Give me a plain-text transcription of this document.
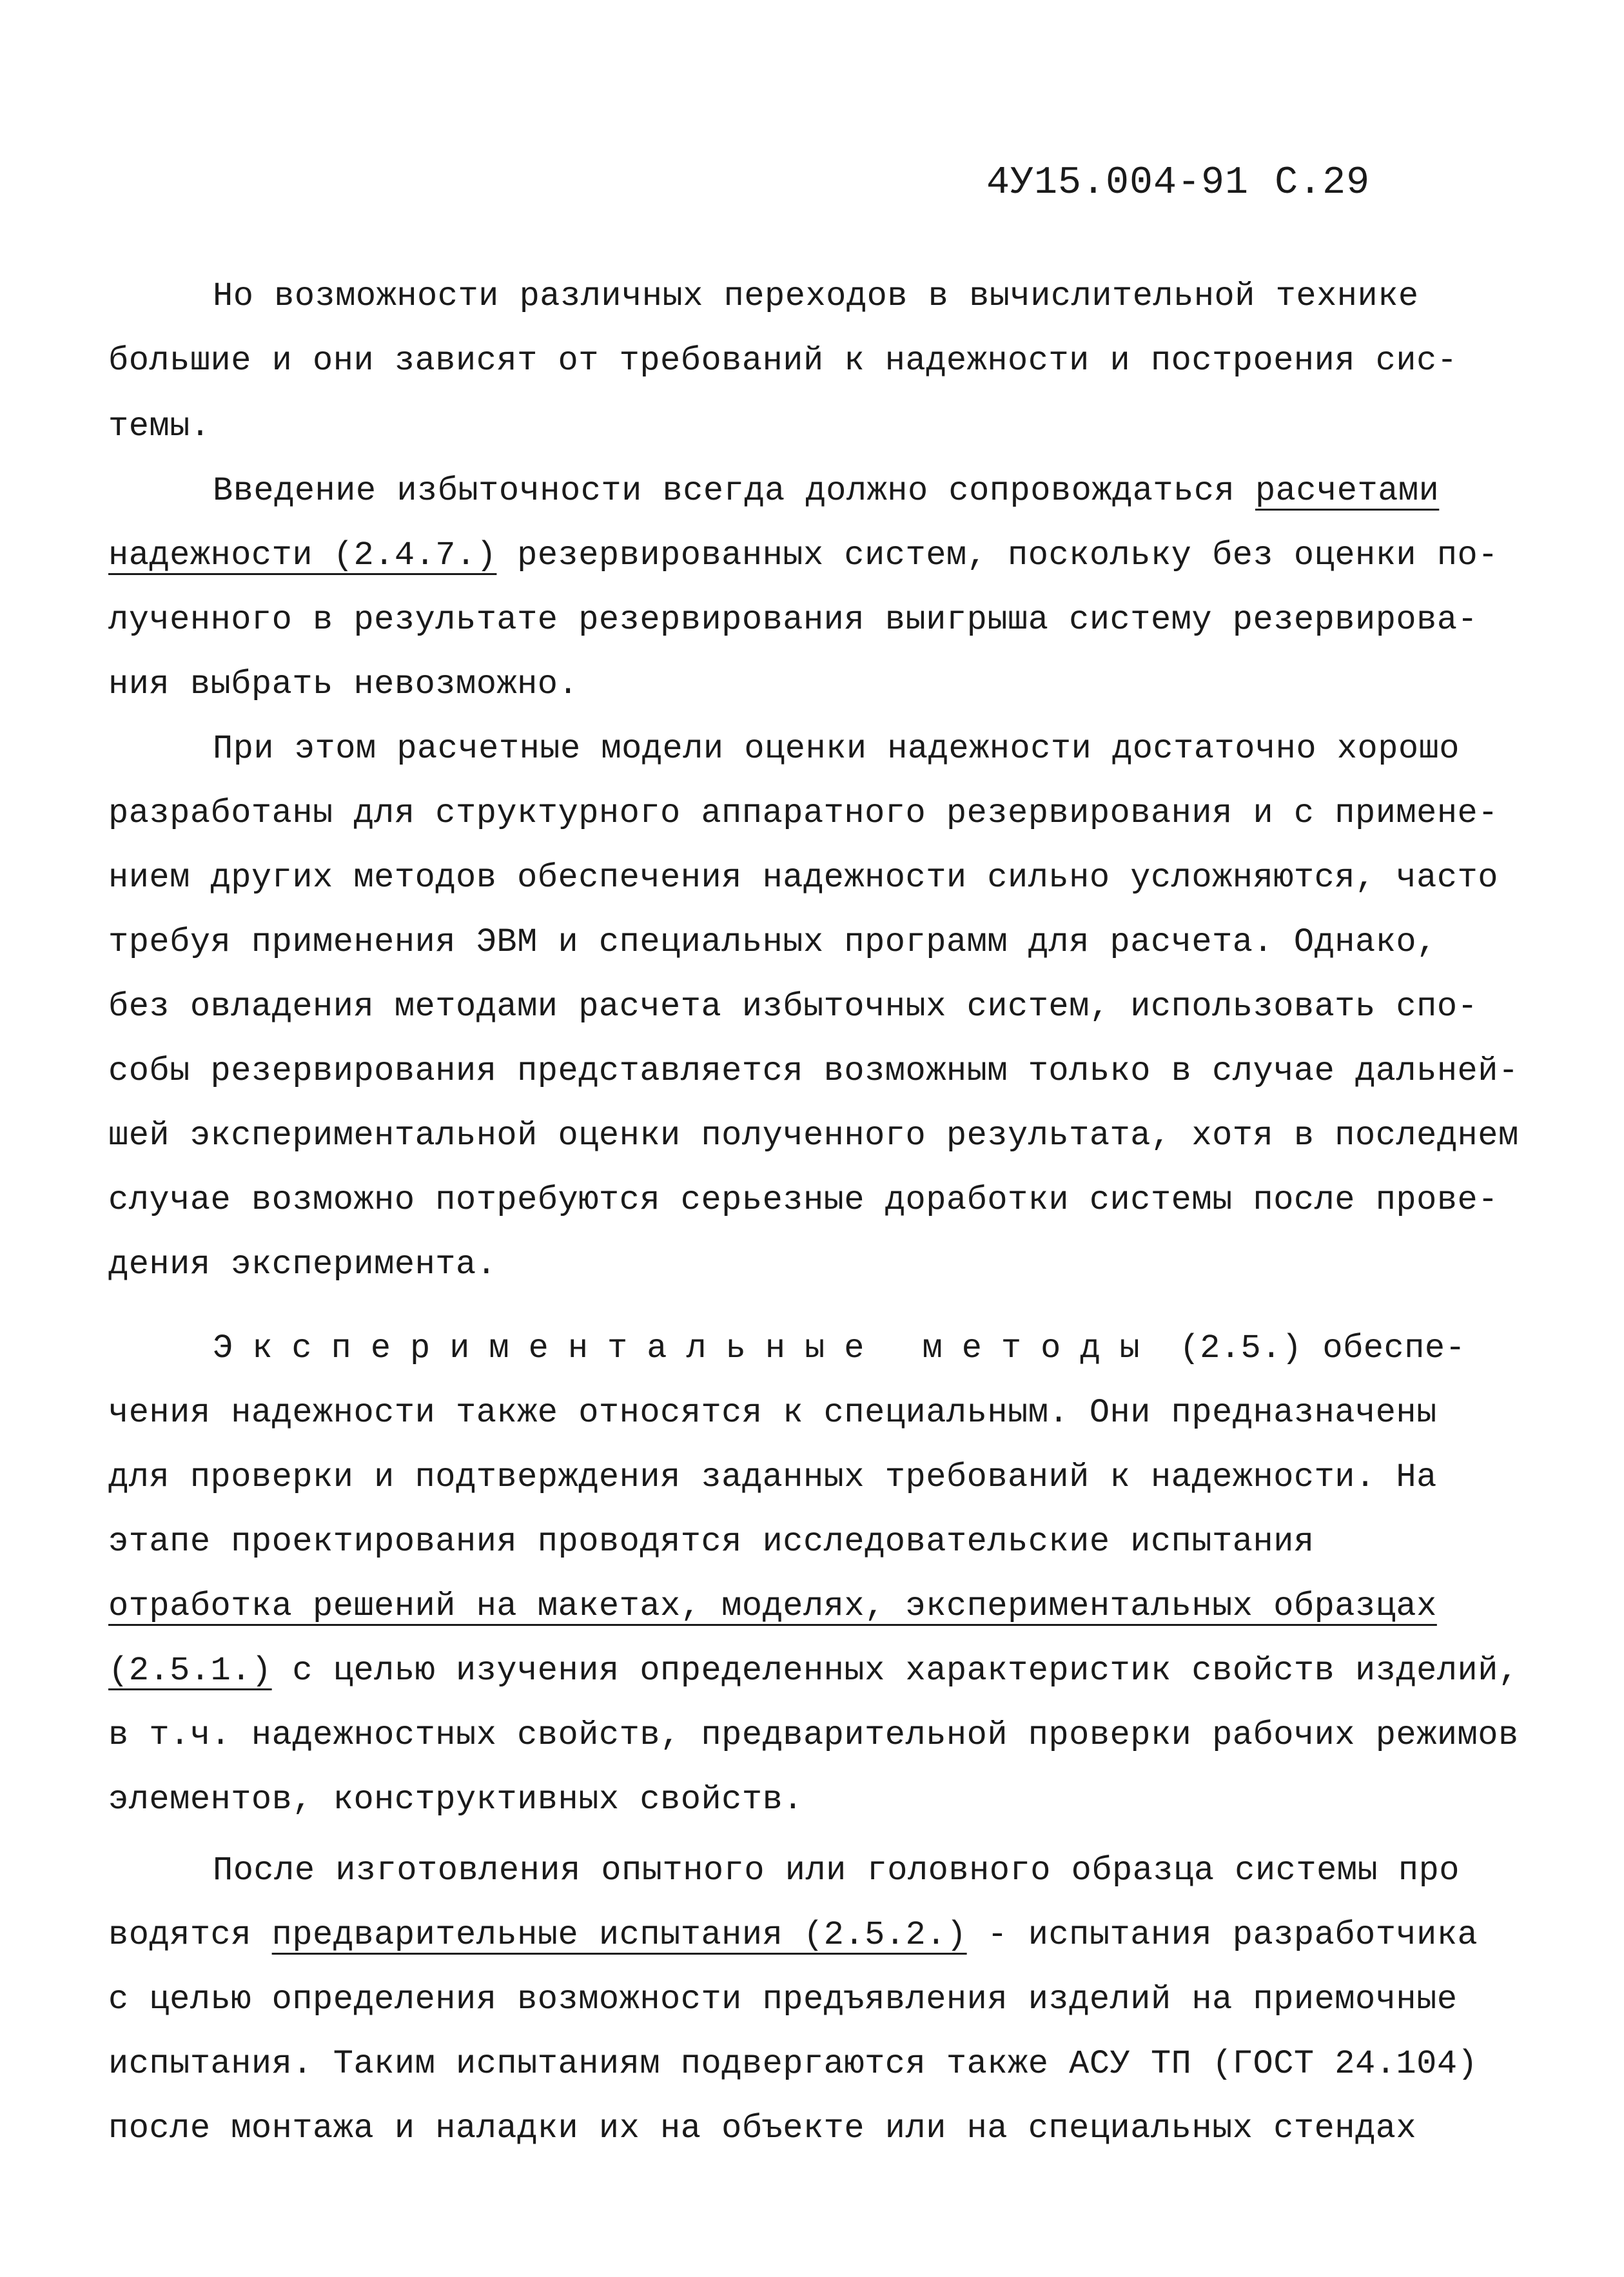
4У15.004-91 С.29
Но возможности различных переходов в вычислительной технике
большие и они зависят от требований к надежности и построения сис-
темы.
Введение избыточности всегда должно сопровождаться расчетами
надежности (2.4.7.) резервированных систем, поскольку без оценки по-
лученного в результате резервирования выигрыша систему резервирова-
ния выбрать невозможно.
При этом расчетные модели оценки надежности достаточно хорошо
разработаны для структурного аппаратного резервирования и с примене-
нием других методов обеспечения надежности сильно усложняются, часто
требуя применения ЭВМ и специальных программ для расчета. Однако,
без овладения методами расчета избыточных систем, использовать спо-
собы резервирования представляется возможным только в случае дальней-
шей экспериментальной оценки полученного результата, хотя в последнем
случае возможно потребуются серьезные доработки системы после прове-
дения эксперимента.
Экспериментальные методы (2.5.) обеспе-
чения надежности также относятся к специальным. Они предназначены
для проверки и подтверждения заданных требований к надежности. На
этапе проектирования проводятся исследовательские испытания
отработка решений на макетах, моделях, экспериментальных образцах
(2.5.1.) с целью изучения определенных характеристик свойств изделий,
в т.ч. надежностных свойств, предварительной проверки рабочих режимов
элементов, конструктивных свойств.
После изготовления опытного или головного образца системы про
водятся предварительные испытания (2.5.2.) - испытания разработчика
с целью определения возможности предъявления изделий на приемочные
испытания. Таким испытаниям подвергаются также АСУ ТП (ГОСТ 24.104)
после монтажа и наладки их на объекте или на специальных стендах
